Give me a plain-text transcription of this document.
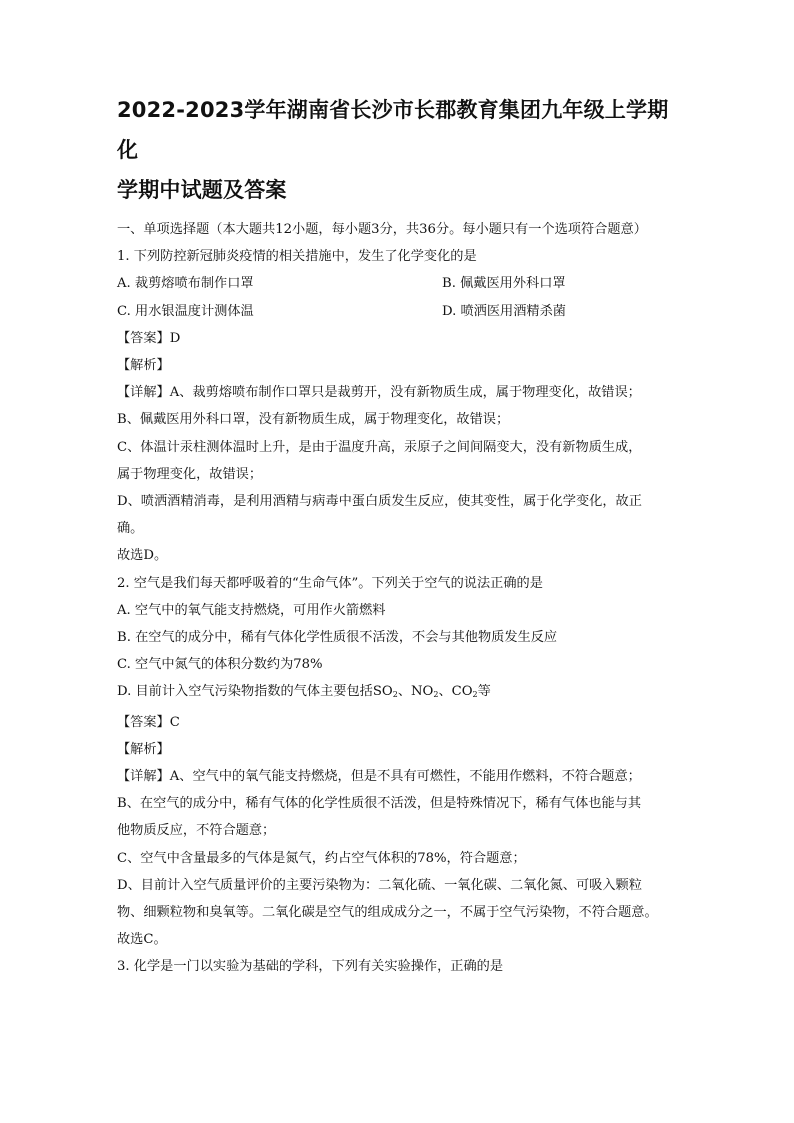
2022-2023学年湖南省长沙市长郡教育集团九年级上学期化
学期中试题及答案
一、单项选择题（本大题共12小题，每小题3分，共36分。每小题只有一个选项符合题意）
1. 下列防控新冠肺炎疫情的相关措施中，发生了化学变化的是
A. 裁剪熔喷布制作口罩	B. 佩戴医用外科口罩
C. 用水银温度计测体温	D. 喷洒医用酒精杀菌
【答案】D
【解析】
【详解】A、裁剪熔喷布制作口罩只是裁剪开，没有新物质生成，属于物理变化，故错误；
B、佩戴医用外科口罩，没有新物质生成，属于物理变化，故错误；
C、体温计汞柱测体温时上升，是由于温度升高，汞原子之间间隔变大，没有新物质生成，
属于物理变化，故错误；
D、喷洒酒精消毒，是利用酒精与病毒中蛋白质发生反应，使其变性，属于化学变化，故正
确。
故选D。
2. 空气是我们每天都呼吸着的“生命气体”。下列关于空气的说法正确的是
A. 空气中的氧气能支持燃烧，可用作火箭燃料
B. 在空气的成分中，稀有气体化学性质很不活泼，不会与其他物质发生反应
C. 空气中氮气的体积分数约为78%
D. 目前计入空气污染物指数的气体主要包括$SO_2$、$NO_2$、$CO_2$等
【答案】C
【解析】
【详解】A、空气中的氧气能支持燃烧，但是不具有可燃性，不能用作燃料，不符合题意；
B、在空气的成分中，稀有气体的化学性质很不活泼，但是特殊情况下，稀有气体也能与其
他物质反应，不符合题意；
C、空气中含量最多的气体是氮气，约占空气体积的78%，符合题意；
D、目前计入空气质量评价的主要污染物为：二氧化硫、一氧化碳、二氧化氮、可吸入颗粒
物、细颗粒物和臭氧等。二氧化碳是空气的组成成分之一，不属于空气污染物，不符合题意。
故选C。
3. 化学是一门以实验为基础的学科，下列有关实验操作，正确的是
